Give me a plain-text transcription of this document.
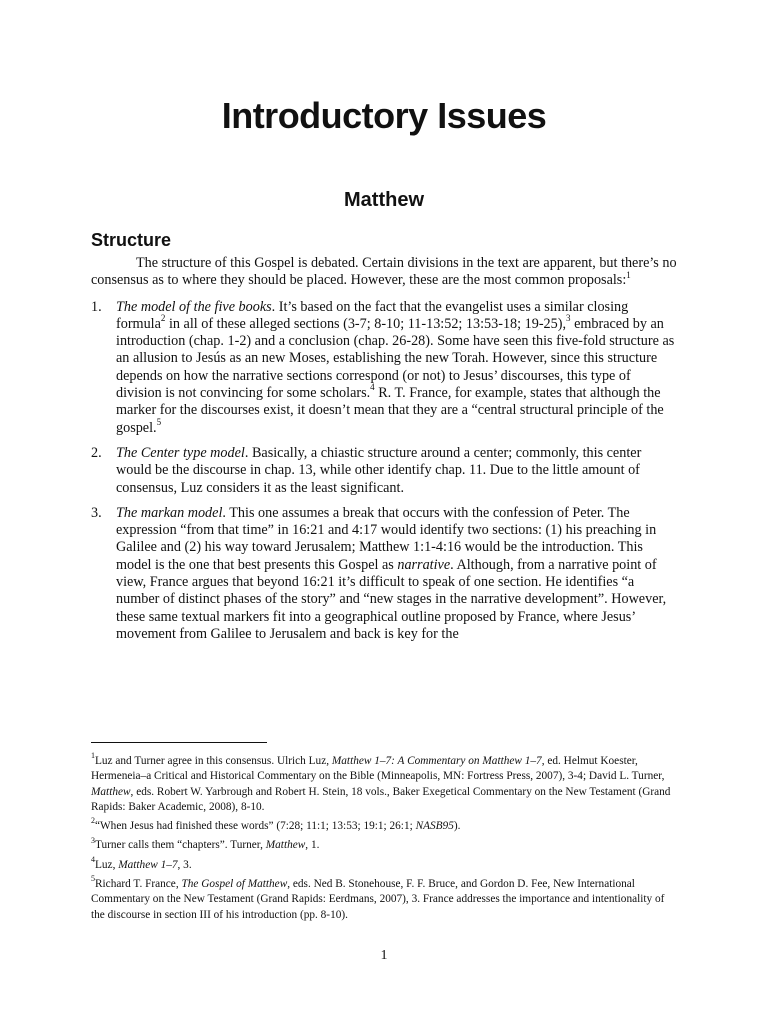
Introductory Issues
Matthew
Structure

The structure of this Gospel is debated. Certain divisions in the text are apparent, but there’s no consensus as to where they should be placed. However, these are the most common proposals:$^1$

1. The model of the five books. It’s based on the fact that the evangelist uses a similar closing formula$^2$ in all of these alleged sections (3-7; 8-10; 11-13:52; 13:53-18; 19-25),$^3$ embraced by an introduction (chap. 1-2) and a conclusion (chap. 26-28). Some have seen this five-fold structure as an allusion to Jesús as an new Moses, establishing the new Torah. However, since this structure depends on how the narrative sections correspond (or not) to Jesus’ discourses, this type of division is not convincing for some scholars.$^4$ R. T. France, for example, states that although the marker for the discourses exist, it doesn’t mean that they are a “central structural principle of the gospel.$^5$
2. The Center type model. Basically, a chiastic structure around a center; commonly, this center would be the discourse in chap. 13, while other identify chap. 11. Due to the little amount of consensus, Luz considers it as the least significant.
3. The markan model. This one assumes a break that occurs with the confession of Peter. The expression “from that time” in 16:21 and 4:17 would identify two sections: (1) his preaching in Galilee and (2) his way toward Jerusalem; Matthew 1:1-4:16 would be the introduction. This model is the one that best presents this Gospel as narrative. Although, from a narrative point of view, France argues that beyond 16:21 it’s difficult to speak of one section. He identifies “a number of distinct phases of the story” and “new stages in the narrative development”. However, these same textual markers fit into a geographical outline proposed by France, where Jesus’ movement from Galilee to Jerusalem and back is key for the

$^1$Luz and Turner agree in this consensus. Ulrich Luz, Matthew 1–7: A Commentary on Matthew 1–7, ed. Helmut Koester, Hermeneia–a Critical and Historical Commentary on the Bible (Minneapolis, MN: Fortress Press, 2007), 3-4; David L. Turner, Matthew, eds. Robert W. Yarbrough and Robert H. Stein, 18 vols., Baker Exegetical Commentary on the New Testament (Grand Rapids: Baker Academic, 2008), 8-10.

$^2$“When Jesus had finished these words” (7:28; 11:1; 13:53; 19:1; 26:1; NASB95).

$^3$Turner calls them “chapters”. Turner, Matthew, 1.

$^4$Luz, Matthew 1–7, 3.

$^5$Richard T. France, The Gospel of Matthew, eds. Ned B. Stonehouse, F. F. Bruce, and Gordon D. Fee, New International Commentary on the New Testament (Grand Rapids: Eerdmans, 2007), 3. France addresses the importance and intentionality of the discourse in section III of his introduction (pp. 8-10).

1
